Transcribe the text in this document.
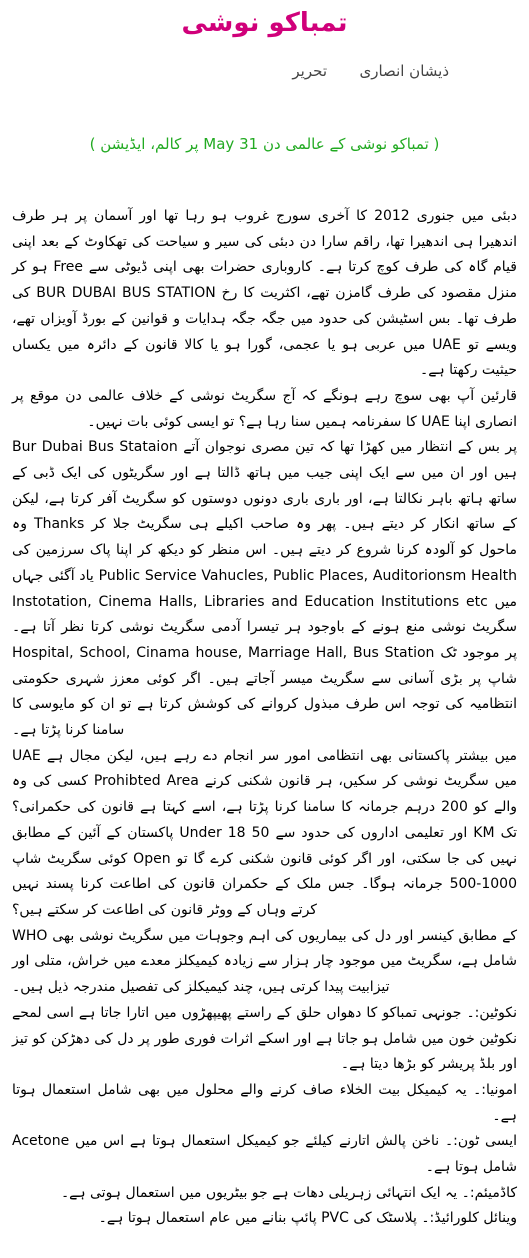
تمباکو نوشی
تحریر ذیشان انصاری
( تمباکو نوشی کے عالمی دن 31 May پر کالم، ایڈیشن )

دبئی میں جنوری 2012 کا آخری سورج غروب ہو رہا تھا اور آسمان پر ہر طرف اندھیرا ہی اندھیرا تھا، راقم سارا دن دبئی کی سیر و سیاحت کی تھکاوٹ کے بعد اپنی قیام گاہ کی طرف کوچ کرتا ہے۔ کاروباری حضرات بھی اپنی ڈیوٹی سے Free ہو کر منزل مقصود کی طرف گامزن تھے، اکثریت کا رخ BUR DUBAI BUS STATION کی طرف تھا۔ بس اسٹیشن کی حدود میں جگہ جگہ ہدایات و قوانین کے بورڈ آویزاں تھے، ویسے تو UAE میں عربی ہو یا عجمی، گورا ہو یا کالا قانون کے دائرہ میں یکساں حیثیت رکھتا ہے۔

قارئین آپ بھی سوچ رہے ہونگے کہ آج سگریٹ نوشی کے خلاف عالمی دن موقع پر انصاری اپنا UAE کا سفرنامہ ہمیں سنا رہا ہے؟ تو ایسی کوئی بات نہیں۔

Bur Dubai Bus Stataion پر بس کے انتظار میں کھڑا تھا کہ تین مصری نوجوان آتے ہیں اور ان میں سے ایک اپنی جیب میں ہاتھ ڈالتا ہے اور سگریٹوں کی ایک ڈبی کے ساتھ ہاتھ باہر نکالتا ہے، اور باری باری دونوں دوستوں کو سگریٹ آفر کرتا ہے، لیکن وہ Thanks کے ساتھ انکار کر دیتے ہیں۔ پھر وہ صاحب اکیلے ہی سگریٹ جلا کر ماحول کو آلودہ کرنا شروع کر دیتے ہیں۔ اس منظر کو دیکھ کر اپنا پاک سرزمین کی یاد آگئی جہاں Public Service Vahucles, Public Places, Auditorionsm Health Instotation, Cinema Halls, Libraries and Education Institutions etc میں سگریٹ نوشی منع ہونے کے باوجود ہر تیسرا آدمی سگریٹ نوشی کرتا نظر آتا ہے۔ Hospital, School, Cinama house, Marriage Hall, Bus Station پر موجود ٹک شاپ پر بڑی آسانی سے سگریٹ میسر آجاتے ہیں۔ اگر کوئی معزز شہری حکومتی انتظامیہ کی توجہ اس طرف مبذول کروانے کی کوشش کرتا ہے تو ان کو مایوسی کا سامنا کرنا پڑتا ہے۔

UAE میں بیشتر پاکستانی بھی انتظامی امور سر انجام دے رہے ہیں، لیکن مجال ہے کسی کی وہ Prohibted Area میں سگریٹ نوشی کر سکیں، ہر قانون شکنی کرنے والے کو 200 درہم جرمانہ کا سامنا کرنا پڑتا ہے، اسے کہتا ہے قانون کی حکمرانی؟ پاکستان کے آئین کے مطابق Under 18 اور تعلیمی اداروں کی حدود سے 50 KM تک کوئی سگریٹ شاپ Open نہیں کی جا سکتی، اور اگر کوئی قانون شکنی کرے گا تو 1000-500 جرمانہ ہوگا۔ جس ملک کے حکمران قانون کی اطاعت کرنا پسند نہیں کرتے وہاں کے ووٹر قانون کی اطاعت کر سکتے ہیں؟

WHO کے مطابق کینسر اور دل کی بیماریوں کی اہم وجوہات میں سگریٹ نوشی بھی شامل ہے، سگریٹ میں موجود چار ہزار سے زیادہ کیمیکلز معدے میں خراش، متلی اور تیزابیت پیدا کرتی ہیں، چند کیمیکلز کی تفصیل مندرجہ ذیل ہیں۔

نکوٹین:۔ جونہی تمباکو کا دھواں حلق کے راستے پھیپھڑوں میں اتارا جاتا ہے اسی لمحے نکوٹین خون میں شامل ہو جاتا ہے اور اسکے اثرات فوری طور پر دل کی دھڑکن کو تیز اور بلڈ پریشر کو بڑھا دیتا ہے۔

امونیا:۔ یہ کیمیکل بیت الخلاء صاف کرنے والے محلول میں بھی شامل استعمال ہوتا ہے۔

ایسی ٹون:۔ ناخن پالش اتارنے کیلئے جو کیمیکل استعمال ہوتا ہے اس میں Acetone شامل ہوتا ہے۔

کاڈمیئم:۔ یہ ایک انتہائی زہریلی دھات ہے جو بیٹریوں میں استعمال ہوتی ہے۔

وینائل کلورائیڈ:۔ پلاسٹک کی PVC پائپ بنانے میں عام استعمال ہوتا ہے۔
